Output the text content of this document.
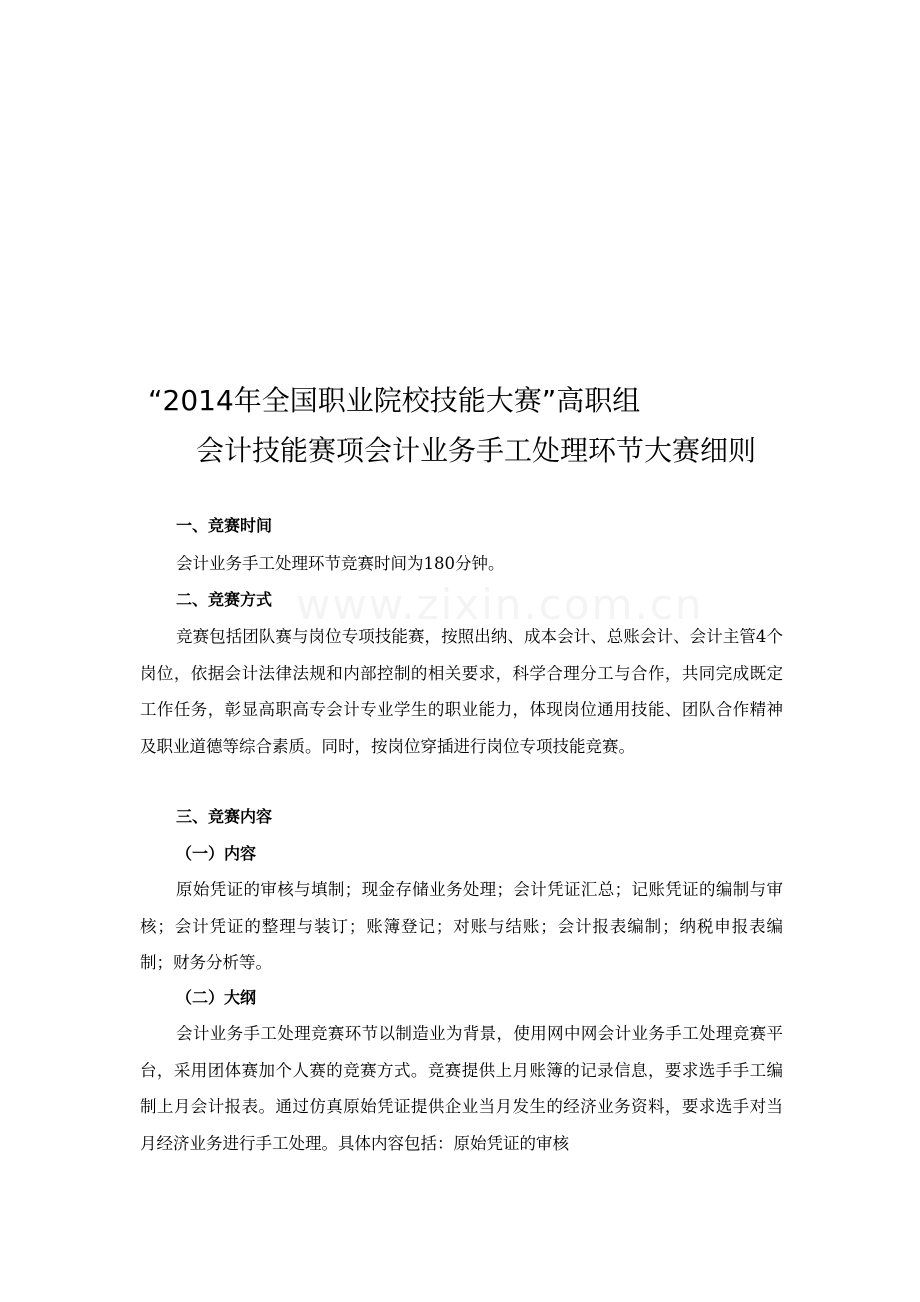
www.zixin.com.cn
“2014年全国职业院校技能大赛”高职组
会计技能赛项会计业务手工处理环节大赛细则
一、竞赛时间
会计业务手工处理环节竞赛时间为180分钟。
二、竞赛方式
竞赛包括团队赛与岗位专项技能赛，按照出纳、成本会计、总账会计、会计主管4个岗位，依据会计法律法规和内部控制的相关要求，科学合理分工与合作，共同完成既定工作任务，彰显高职高专会计专业学生的职业能力，体现岗位通用技能、团队合作精神及职业道德等综合素质。同时，按岗位穿插进行岗位专项技能竞赛。
三、竞赛内容
（一）内容
原始凭证的审核与填制；现金存储业务处理；会计凭证汇总；记账凭证的编制与审核；会计凭证的整理与装订；账簿登记；对账与结账；会计报表编制；纳税申报表编制；财务分析等。
（二）大纲
会计业务手工处理竞赛环节以制造业为背景，使用网中网会计业务手工处理竞赛平台，采用团体赛加个人赛的竞赛方式。竞赛提供上月账簿的记录信息，要求选手手工编制上月会计报表。通过仿真原始凭证提供企业当月发生的经济业务资料，要求选手对当月经济业务进行手工处理。具体内容包括：原始凭证的审核
